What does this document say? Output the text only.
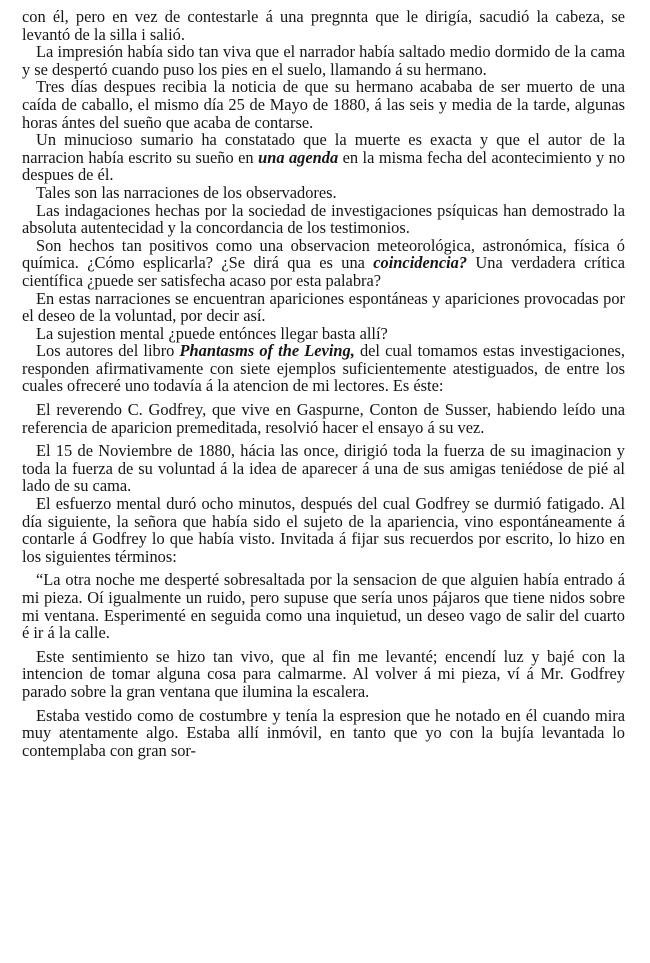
con él, pero en vez de contestarle á una pregnnta que le dirigía, sacudió la cabeza, se levantó de la silla i salió.

La impresión había sido tan viva que el narrador había saltado medio dormido de la cama y se despertó cuando puso los pies en el suelo, llamando á su hermano.

Tres días despues recibia la noticia de que su hermano acababa de ser muerto de una caída de caballo, el mismo día 25 de Mayo de 1880, á las seis y media de la tarde, algunas horas ántes del sueño que acaba de contarse.

Un minucioso sumario ha constatado que la muerte es exacta y que el autor de la narracion había escrito su sueño en una agenda en la misma fecha del acontecimiento y no despues de él.

Tales son las narraciones de los observadores.

Las indagaciones hechas por la sociedad de investigaciones psíquicas han demostrado la absoluta autentecidad y la concordancia de los testimonios.

Son hechos tan positivos como una observacion meteorológica, astronómica, física ó química. ¿Cómo esplicarla? ¿Se dirá qua es una coincidencia? Una verdadera crítica científica ¿puede ser satisfecha acaso por esta palabra?

En estas narraciones se encuentran apariciones espontáneas y apariciones provocadas por el deseo de la voluntad, por decir así.

La sujestion mental ¿puede entónces llegar basta allí?

Los autores del libro Phantasms of the Leving, del cual tomamos estas investigaciones, responden afirmativamente con siete ejemplos suficientemente atestiguados, de entre los cuales ofreceré uno todavía á la atencion de mi lectores. Es éste:

El reverendo C. Godfrey, que vive en Gaspurne, Conton de Susser, habiendo leído una referencia de aparicion premeditada, resolvió hacer el ensayo á su vez.

El 15 de Noviembre de 1880, hácia las once, dirigió toda la fuerza de su imaginacion y toda la fuerza de su voluntad á la idea de aparecer á una de sus amigas teniédose de pié al lado de su cama.

El esfuerzo mental duró ocho minutos, después del cual Godfrey se durmió fatigado. Al día siguiente, la señora que había sido el sujeto de la apariencia, vino espontáneamente á contarle á Godfrey lo que había visto. Invitada á fijar sus recuerdos por escrito, lo hizo en los siguientes términos:

“La otra noche me desperté sobresaltada por la sensacion de que alguien había entrado á mi pieza. Oí igualmente un ruido, pero supuse que sería unos pájaros que tiene nidos sobre mi ventana. Esperimenté en seguida como una inquietud, un deseo vago de salir del cuarto é ir á la calle.

Este sentimiento se hizo tan vivo, que al fin me levanté; encendí luz y bajé con la intencion de tomar alguna cosa para calmarme. Al volver á mi pieza, ví á Mr. Godfrey parado sobre la gran ventana que ilumina la escalera.

Estaba vestido como de costumbre y tenía la espresion que he notado en él cuando mira muy atentamente algo. Estaba allí inmóvil, en tanto que yo con la bujía levantada lo contemplaba con gran sor-
